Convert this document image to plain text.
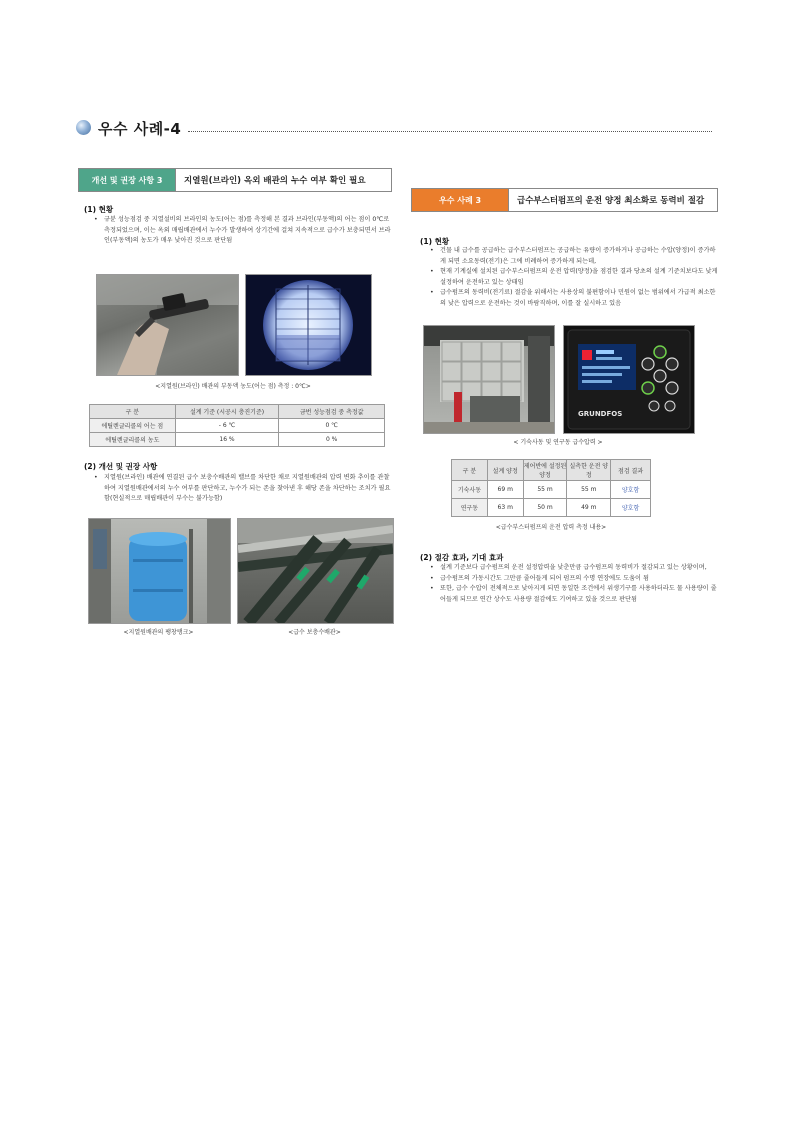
우수 사례-4
개선 및 권장 사항 3	지열원(브라인) 옥외 배관의 누수 여부 확인 필요
(1) 현황
•	규뷴 성능점검 중 지열설비의 브라인의 농도(어는 점)를 측정해 본 결과 브라인(부동액)의 어는 점이 0℃로 측정되었으며, 이는 옥외 매립배관에서 누수가 발생하여 상기간에 걸쳐 지속적으로 급수가 보충되면서 브라인(부동액)의 농도가 매우 낮아진 것으로 판단됨
<지열원(브라인) 배관의 부동액 농도(어는 점) 측정 : 0℃>
구 분	설계 기준 (시공시 충진기준)	금번 성능점검 중 측정값
에틸렌글리콜의 어는 점	- 6 ℃	0 ℃
에틸렌글리콜의 농도	16 %	0 %
(2) 개선 및 권장 사항
•	지열원(브라인) 배관에 연결된 급수 보충수배관의 밸브를 차단한 채로 지열원배관의 압력 변화 추이를 관찰하여 지열원배관에서의 누수 여부를 판단하고, 누수가 되는 존을 찾아낸 후 해당 존을 차단하는 조치가 필요함(현실적으로 매립배관이 부수는 불가능함)
<지열원배관의 팽창탱크>	<급수 보충수배관>
우수 사례 3	급수부스터펌프의 운전 양정 최소화로 동력비 절감
(1) 현황
•	건물 내 급수를 공급하는 급수부스터펌프는 공급하는 유량이 증가하거나 공급하는 수압(양정)이 증가하게 되면 소요동력(전기)은 그에 비례하여 증가하게 되는데,
•	현재 기계실에 설치된 급수부스터펌프의 운전 압력(양정)을 점검한 결과 당초의 설계 기준치보다도 낮게 설정하여 운전하고 있는 상태임
•	급수펌프의 동력비(전기료) 절감을 위해서는 사용상의 불편함이나 민원이 없는 범위에서 가급적 최소한의 낮은 압력으로 운전하는 것이 바람직하며, 이를 잘 실시하고 있음
GRUNDFOS
< 기숙사동 및 연구동 급수압력 >
구 분	설계 양정	제어반에 설정된 양정	실측한 운전 양정	점검 결과
기숙사동	69 m	55 m	55 m	양호함
연구동	63 m	50 m	49 m	양호함
<급수부스터펌프의 운전 압력 측정 내용>
(2) 절감 효과, 기대 효과
•	설계 기준보다 급수펌프의 운전 설정압력을 낮춘만큼 급수펌프의 동력비가 절감되고 있는 상황이며,
•	급수펌프의 가동시간도 그만큼 줄어들게 되어 펌프의 수명 연장에도 도움이 됨
•	또한, 급수 수압이 전체적으로 낮아지게 되면 동일한 조건에서 위생기구를 사용하더라도 물 사용량이 줄어들게 되므로 연간 상수도 사용량 절감에도 기여하고 있을 것으로 판단됨
